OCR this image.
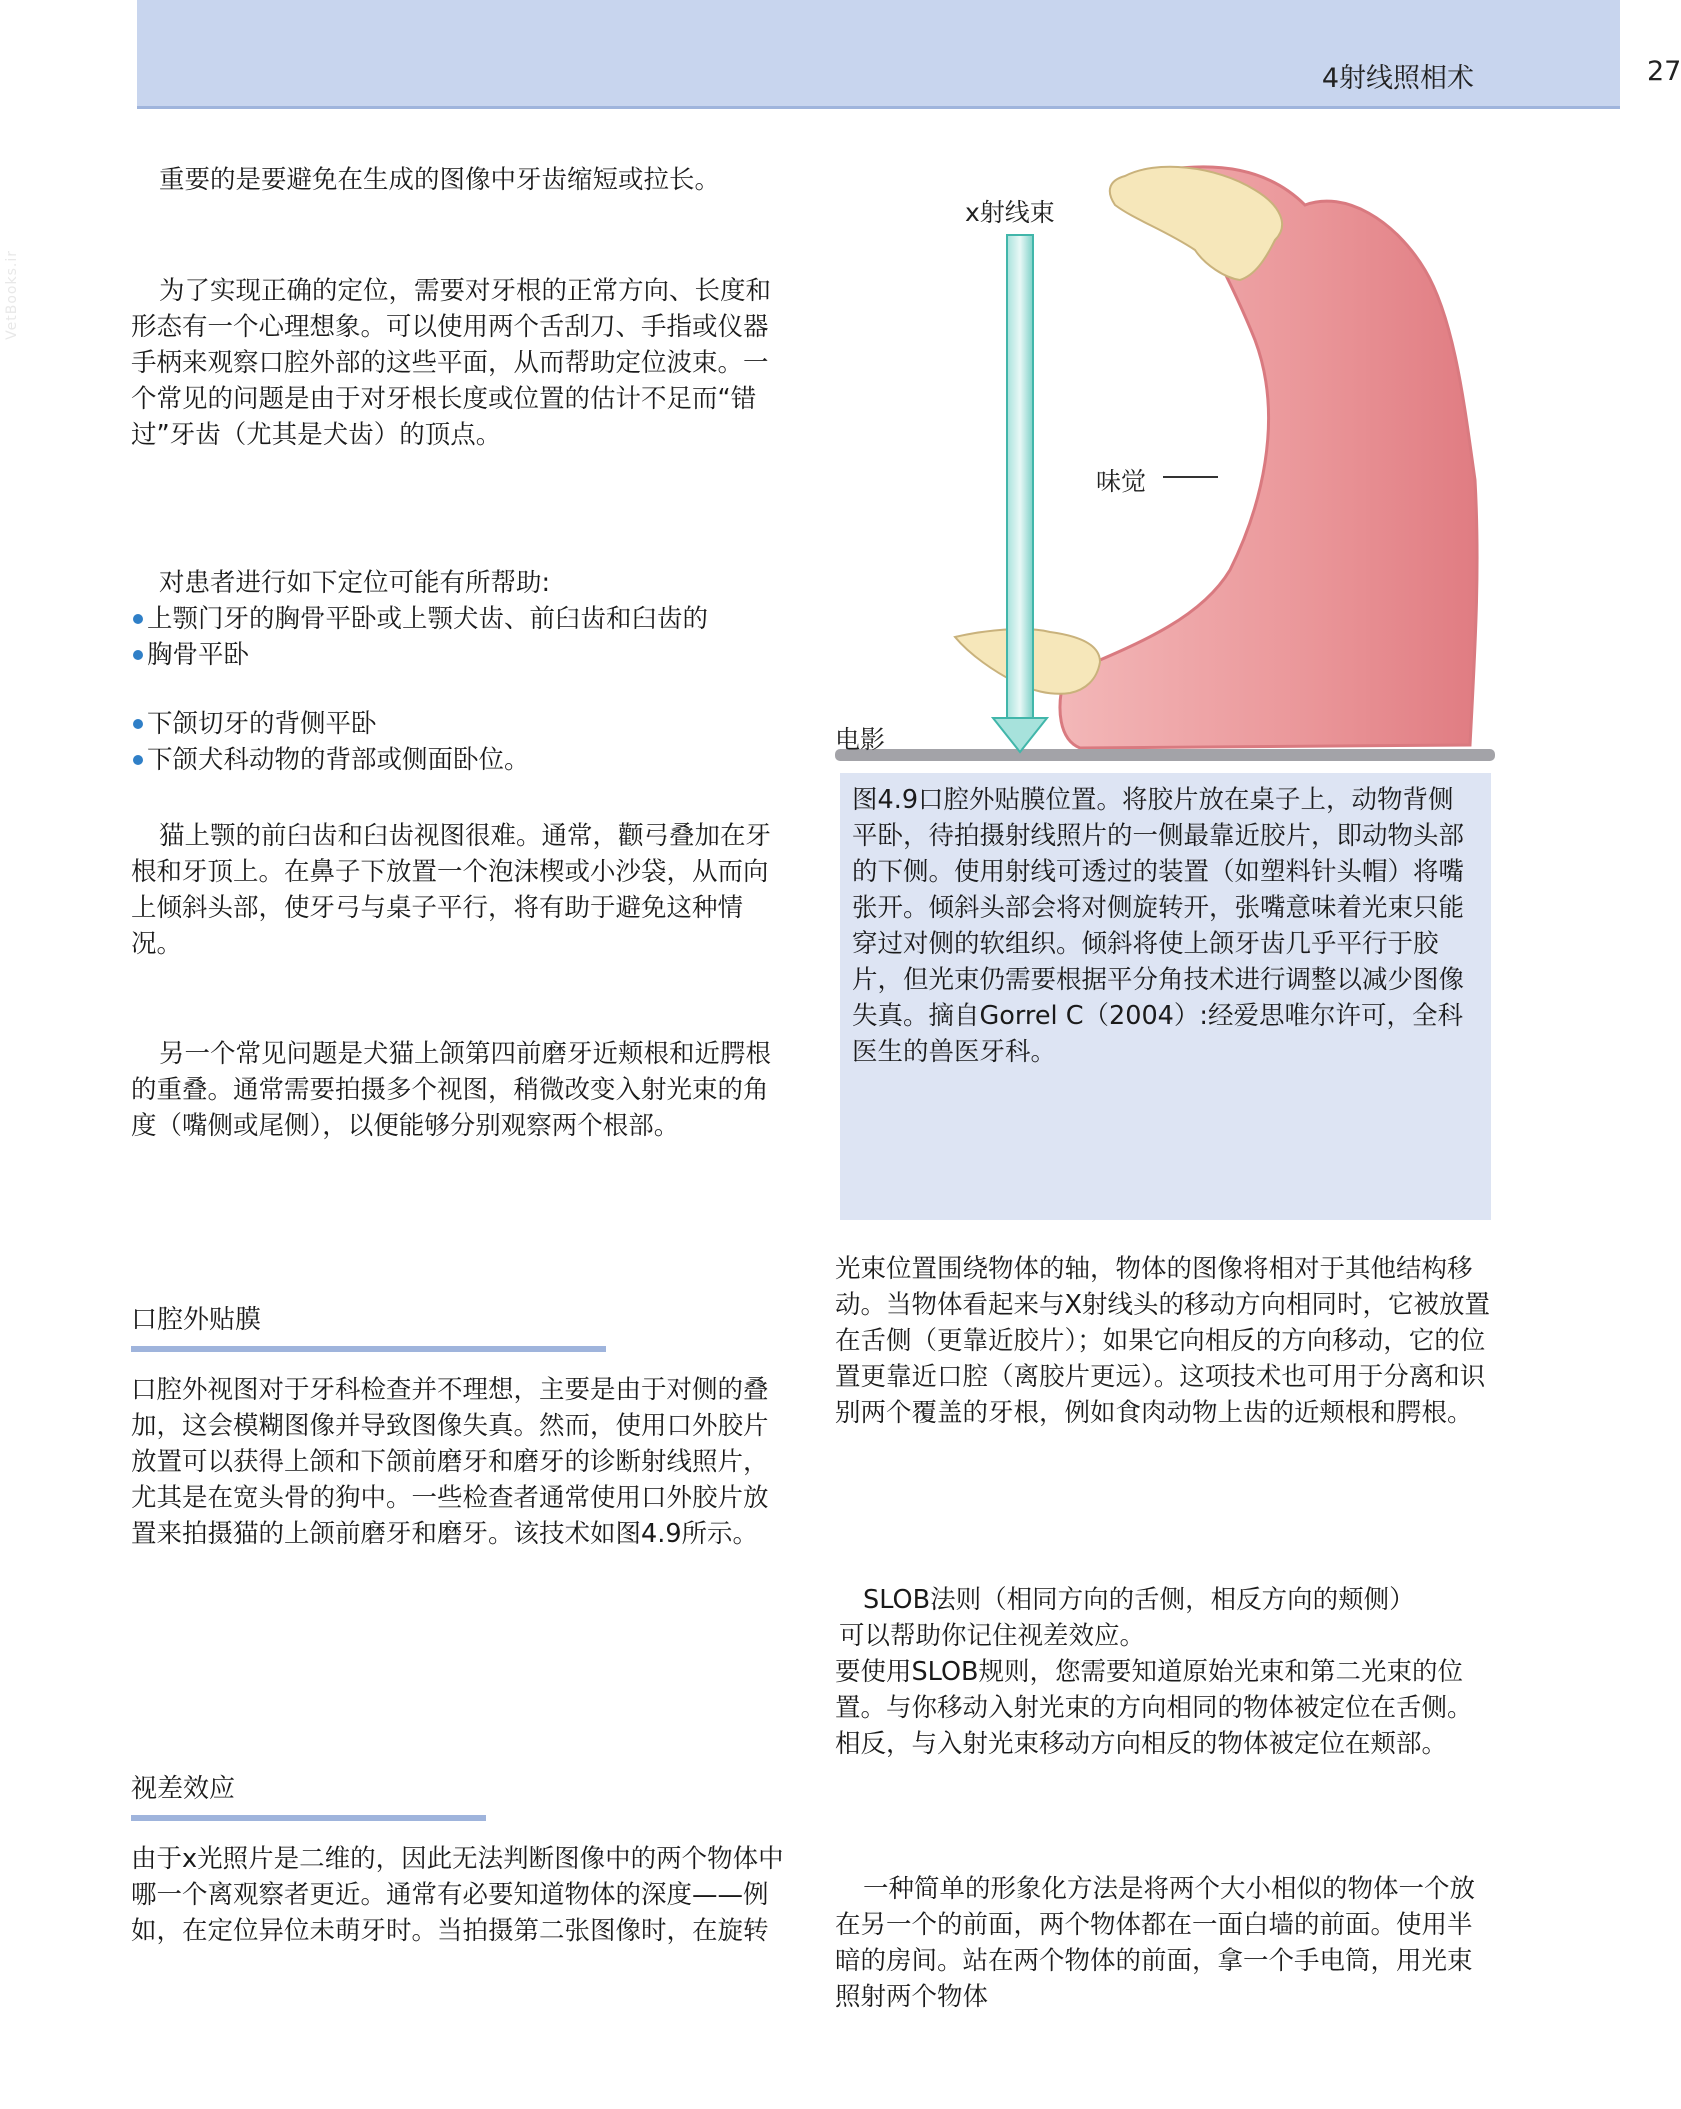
4射线照相术	27
VetBooks.ir

重要的是要避免在生成的图像中牙齿缩短或拉长。

为了实现正确的定位，需要对牙根的正常方向、长度和形态有一个心理想象。可以使用两个舌刮刀、手指或仪器手柄来观察口腔外部的这些平面，从而帮助定位波束。一个常见的问题是由于对牙根长度或位置的估计不足而“错过”牙齿（尤其是犬齿）的顶点。

对患者进行如下定位可能有所帮助:

上颚门牙的胸骨平卧或上颚犬齿、前臼齿和臼齿的
胸骨平卧
下颌切牙的背侧平卧
下颌犬科动物的背部或侧面卧位。

猫上颚的前臼齿和臼齿视图很难。通常，颧弓叠加在牙根和牙顶上。在鼻子下放置一个泡沫楔或小沙袋，从而向上倾斜头部，使牙弓与桌子平行，将有助于避免这种情况。

另一个常见问题是犬猫上颌第四前磨牙近颊根和近腭根的重叠。通常需要拍摄多个视图，稍微改变入射光束的角度（嘴侧或尾侧），以便能够分别观察两个根部。

口腔外贴膜

口腔外视图对于牙科检查并不理想，主要是由于对侧的叠加，这会模糊图像并导致图像失真。然而，使用口外胶片放置可以获得上颌和下颌前磨牙和磨牙的诊断射线照片，尤其是在宽头骨的狗中。一些检查者通常使用口外胶片放置来拍摄猫的上颌前磨牙和磨牙。该技术如图4.9所示。

视差效应

由于x光照片是二维的，因此无法判断图像中的两个物体中哪一个离观察者更近。通常有必要知道物体的深度——例如，在定位异位未萌牙时。当拍摄第二张图像时，在旋转

x射线束
味觉
电影

图4.9口腔外贴膜位置。将胶片放在桌子上，动物背侧平卧，待拍摄射线照片的一侧最靠近胶片，即动物头部的下侧。使用射线可透过的装置（如塑料针头帽）将嘴张开。倾斜头部会将对侧旋转开，张嘴意味着光束只能穿过对侧的软组织。倾斜将使上颌牙齿几乎平行于胶片，但光束仍需要根据平分角技术进行调整以减少图像失真。摘自Gorrel C（2004）:经爱思唯尔许可，全科医生的兽医牙科。

光束位置围绕物体的轴，物体的图像将相对于其他结构移动。当物体看起来与X射线头的移动方向相同时，它被放置在舌侧（更靠近胶片）；如果它向相反的方向移动，它的位置更靠近口腔（离胶片更远）。这项技术也可用于分离和识别两个覆盖的牙根，例如食肉动物上齿的近颊根和腭根。

SLOB法则（相同方向的舌侧，相反方向的颊侧）

可以帮助你记住视差效应。

要使用SLOB规则，您需要知道原始光束和第二光束的位置。与你移动入射光束的方向相同的物体被定位在舌侧。相反，与入射光束移动方向相反的物体被定位在颊部。

一种简单的形象化方法是将两个大小相似的物体一个放在另一个的前面，两个物体都在一面白墙的前面。使用半暗的房间。站在两个物体的前面，拿一个手电筒，用光束照射两个物体
